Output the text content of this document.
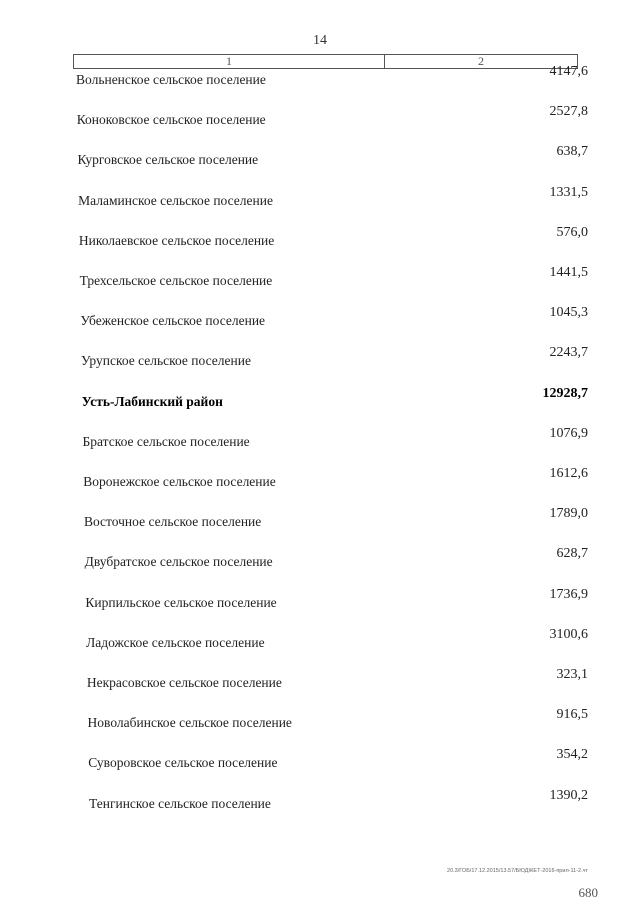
14
1	2
Вольненское сельское поселение
4147,6
Коноковское сельское поселение
2527,8
Курговское сельское поселение
638,7
Маламинское сельское поселение
1331,5
Николаевское сельское поселение
576,0
Трехсельское сельское поселение
1441,5
Убеженское сельское поселение
1045,3
Урупское сельское поселение
2243,7
Усть-Лабинский район
12928,7
Братское сельское поселение
1076,9
Воронежское сельское поселение
1612,6
Восточное сельское поселение
1789,0
Двубратское сельское поселение
628,7
Кирпильское сельское поселение
1736,9
Ладожское сельское поселение
3100,6
Некрасовское сельское поселение
323,1
Новолабинское сельское поселение
916,5
Суворовское сельское поселение
354,2
Тенгинское сельское поселение
1390,2
20.3/ГОБ/17.12.2015/13.57/БЮДЖЕТ-2016-прил-11-2.чт
680
